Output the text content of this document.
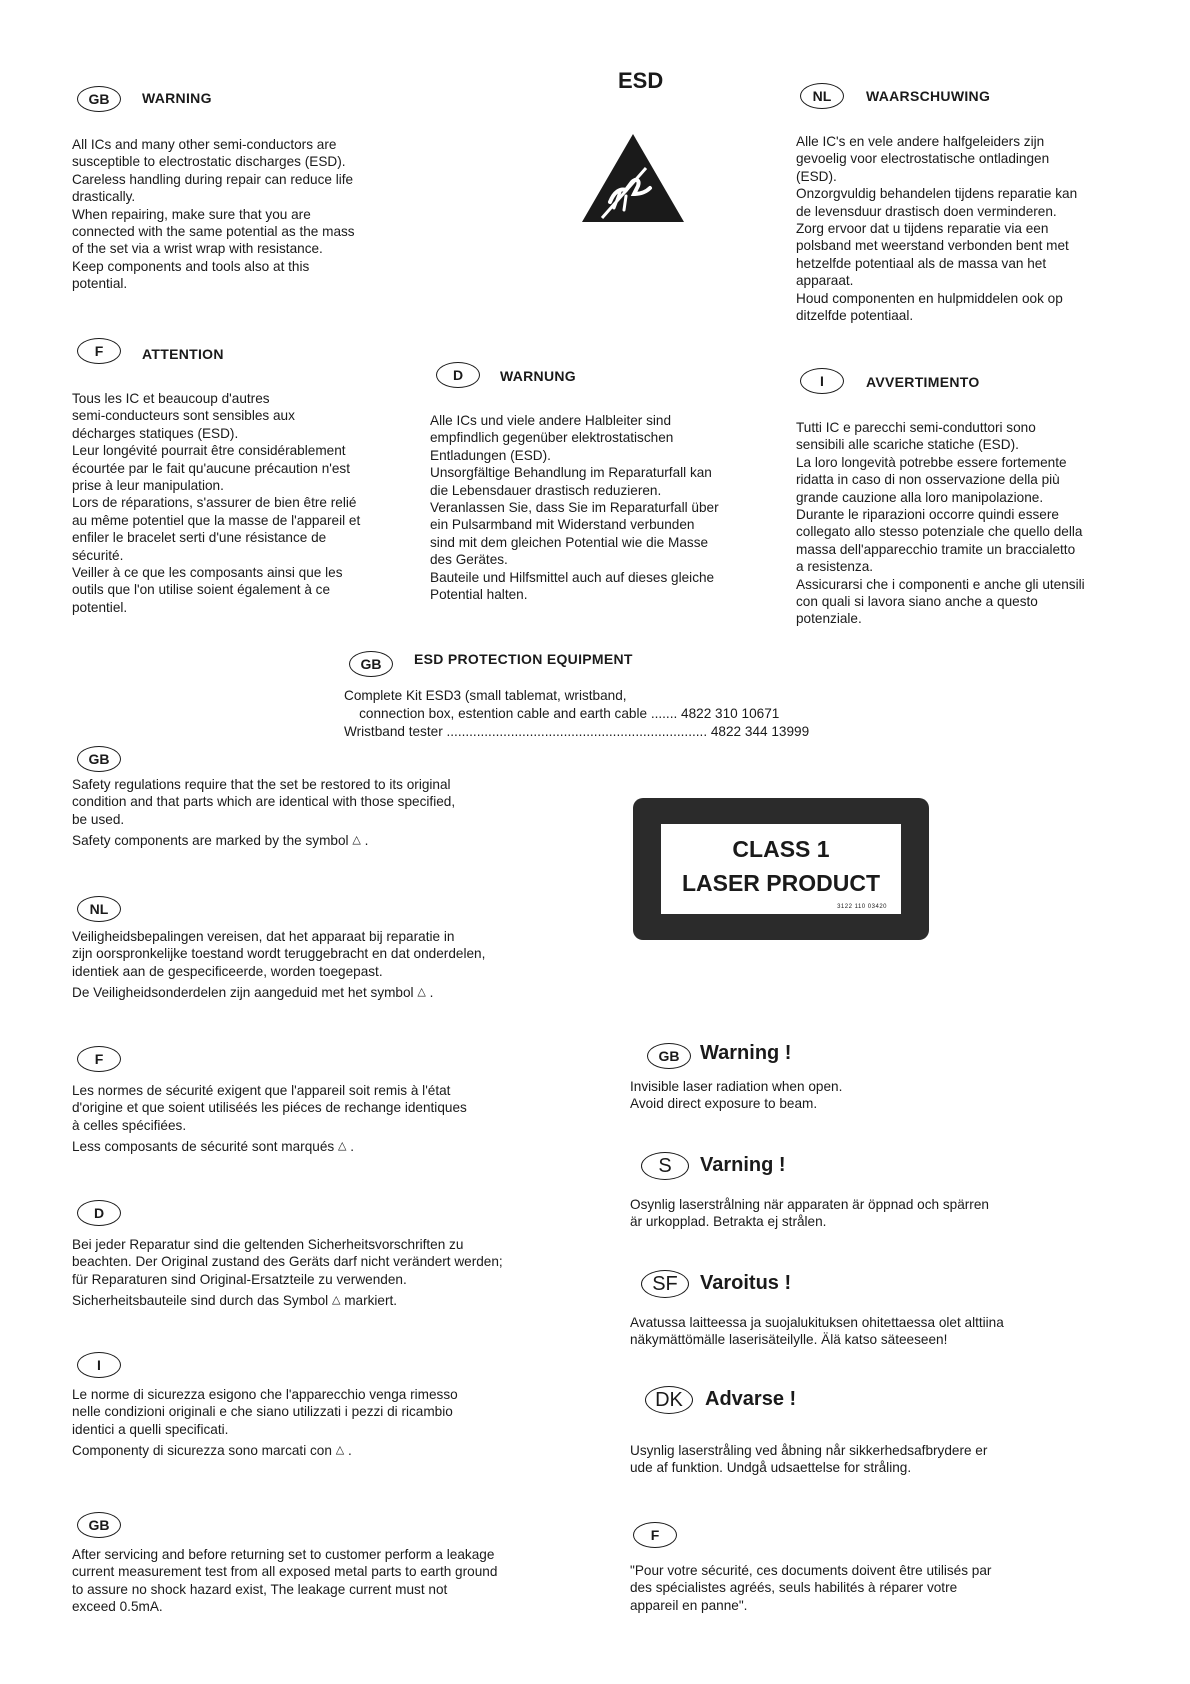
ESD
GB	WARNING
All ICs and many other semi-conductors are
susceptible to electrostatic discharges (ESD).
Careless handling during repair can reduce life
drastically.
When repairing, make sure that you are
connected with the same potential as the mass
of the set via a wrist wrap with resistance.
Keep components and tools also at this
potential.
NL	WAARSCHUWING
Alle IC's en vele andere halfgeleiders zijn
gevoelig voor electrostatische ontladingen
(ESD).
Onzorgvuldig behandelen tijdens reparatie kan
de levensduur drastisch doen verminderen.
Zorg ervoor dat u tijdens reparatie via een
polsband met weerstand verbonden bent met
hetzelfde potentiaal als de massa van het
apparaat.
Houd componenten en hulpmiddelen ook op
ditzelfde potentiaal.
F	ATTENTION
Tous les IC et beaucoup d'autres
semi-conducteurs sont sensibles aux
décharges statiques (ESD).
Leur longévité pourrait être considérablement
écourtée par le fait qu'aucune précaution n'est
prise à leur manipulation.
Lors de réparations, s'assurer de bien être relié
au même potentiel que la masse de l'appareil et
enfiler le bracelet serti d'une résistance de
sécurité.
Veiller à ce que les composants ainsi que les
outils que l'on utilise soient également à ce
potentiel.
D	WARNUNG
Alle ICs und viele andere Halbleiter sind
empfindlich gegenüber elektrostatischen
Entladungen (ESD).
Unsorgfältige Behandlung im Reparaturfall kan
die Lebensdauer drastisch reduzieren.
Veranlassen Sie, dass Sie im Reparaturfall über
ein Pulsarmband mit Widerstand verbunden
sind mit dem gleichen Potential wie die Masse
des Gerätes.
Bauteile und Hilfsmittel auch auf dieses gleiche
Potential halten.
I	AVVERTIMENTO
Tutti IC e parecchi semi-conduttori sono
sensibili alle scariche statiche (ESD).
La loro longevità potrebbe essere fortemente
ridatta in caso di non osservazione della più
grande cauzione alla loro manipolazione.
Durante le riparazioni occorre quindi essere
collegato allo stesso potenziale che quello della
massa dell'apparecchio tramite un braccialetto
a resistenza.
Assicurarsi che i componenti e anche gli utensili
con quali si lavora siano anche a questo
potenziale.
GB	ESD PROTECTION EQUIPMENT
Complete Kit ESD3 (small tablemat, wristband,
connection box, estention cable and earth cable ....... 4822 310 10671
Wristband tester ..................................................................... 4822 344 13999
GB
Safety regulations require that the set be restored to its original
condition and that parts which are identical with those specified,
be used.
Safety components are marked by the symbol △ .
NL
Veiligheidsbepalingen vereisen, dat het apparaat bij reparatie in
zijn oorspronkelijke toestand wordt teruggebracht en dat onderdelen,
identiek aan de gespecificeerde, worden toegepast.
De Veiligheidsonderdelen zijn aangeduid met het symbol △ .
F
Les normes de sécurité exigent que l'appareil soit remis à l'état
d'origine et que soient utiliséés les piéces de rechange identiques
à celles spécifiées.
Less composants de sécurité sont marqués △ .
D
Bei jeder Reparatur sind die geltenden Sicherheitsvorschriften zu
beachten. Der Original zustand des Geräts darf nicht verändert werden;
für Reparaturen sind Original-Ersatzteile zu verwenden.
Sicherheitsbauteile sind durch das Symbol △ markiert.
I
Le norme di sicurezza esigono che l'apparecchio venga rimesso
nelle condizioni originali e che siano utilizzati i pezzi di ricambio
identici a quelli specificati.
Componenty di sicurezza sono marcati con △ .
GB
After servicing and before returning set to customer perform a leakage
current measurement test from all exposed metal parts to earth ground
to assure no shock hazard exist, The leakage current must not
exceed 0.5mA.
CLASS 1
LASER PRODUCT
3122 110 03420
GB	Warning !
Invisible laser radiation when open.
Avoid direct exposure to beam.
S	Varning !
Osynlig laserstrålning när apparaten är öppnad och spärren
är urkopplad. Betrakta ej strålen.
SF	Varoitus !
Avatussa laitteessa ja suojalukituksen ohitettaessa olet alttiina
näkymättömälle laserisäteilylle. Älä katso säteeseen!
DK	Advarse !
Usynlig laserstråling ved åbning når sikkerhedsafbrydere er
ude af funktion. Undgå udsaettelse for stråling.
F
"Pour votre sécurité, ces documents doivent être utilisés par
des spécialistes agréés, seuls habilités à réparer votre
appareil en panne".
